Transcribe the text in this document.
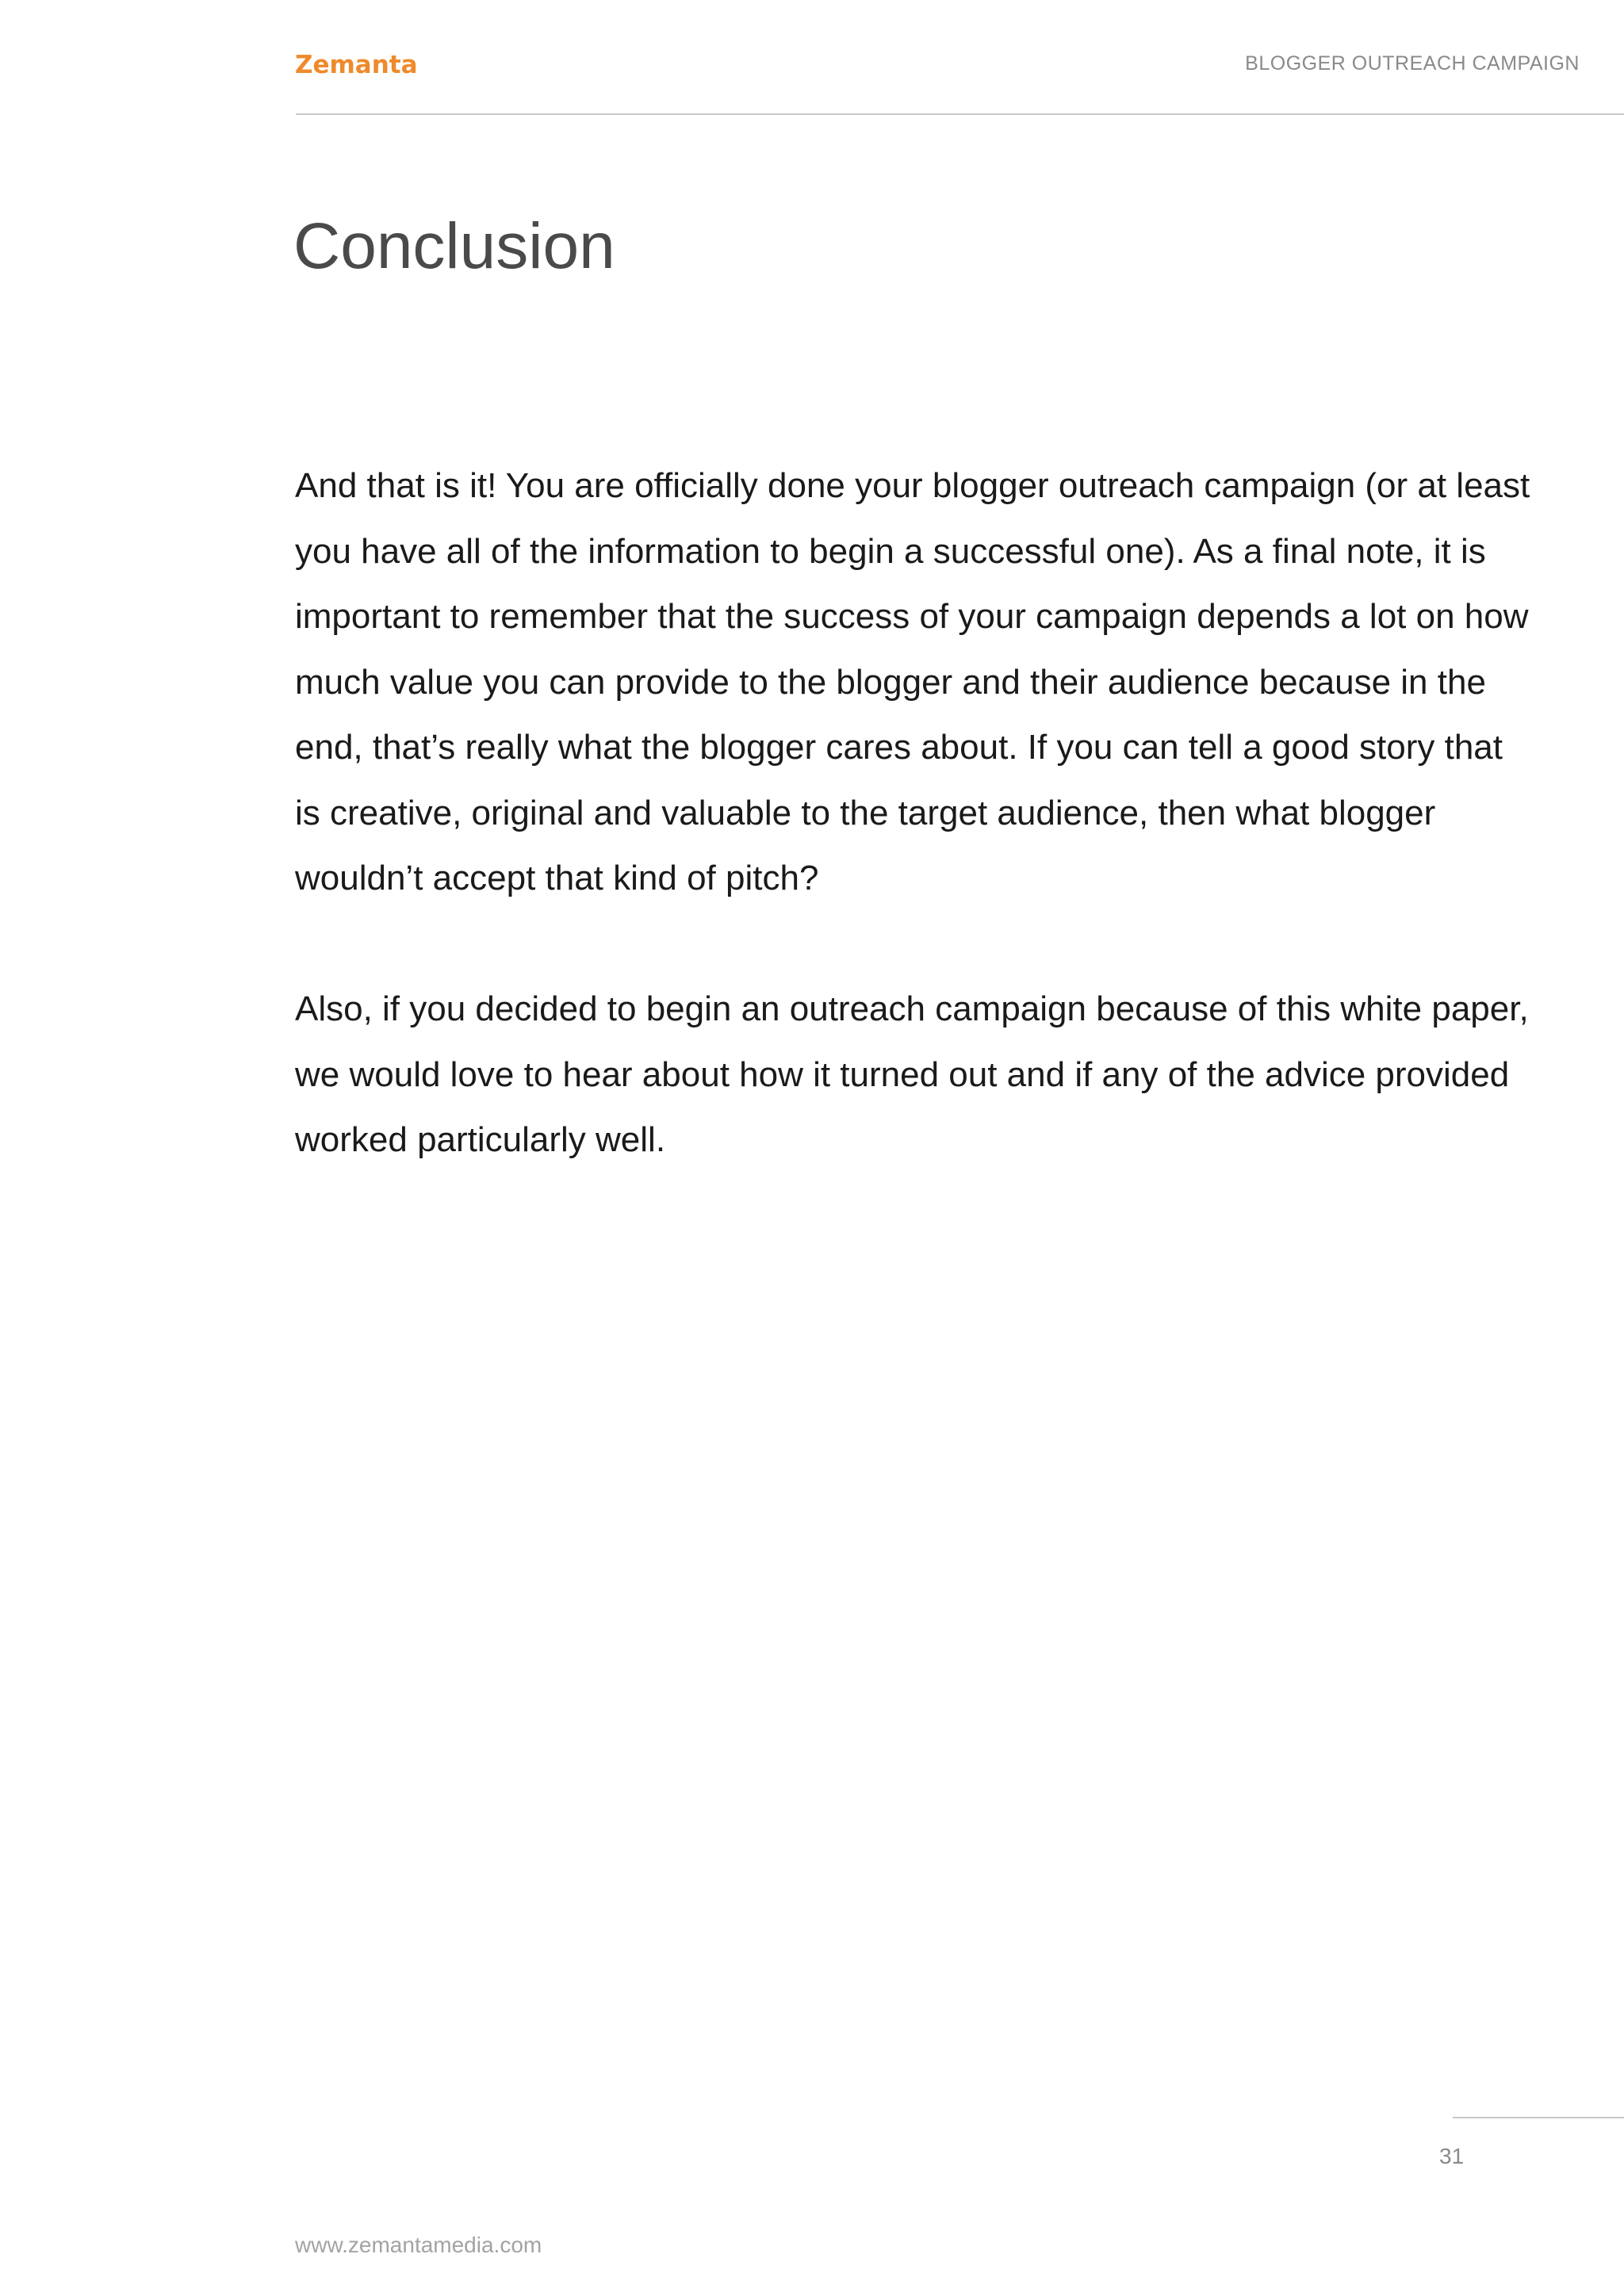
Zemanta	BLOGGER OUTREACH CAMPAIGN
Conclusion

And that is it! You are officially done your blogger outreach campaign (or at least you have all of the information to begin a successful one). As a final note, it is important to remember that the success of your campaign depends a lot on how much value you can provide to the blogger and their audience because in the end, that’s really what the blogger cares about. If you can tell a good story that is creative, original and valuable to the target audience, then what blogger wouldn’t accept that kind of pitch?

Also, if you decided to begin an outreach campaign because of this white paper, we would love to hear about how it turned out and if any of the advice provided worked particularly well.

31
www.zemantamedia.com
